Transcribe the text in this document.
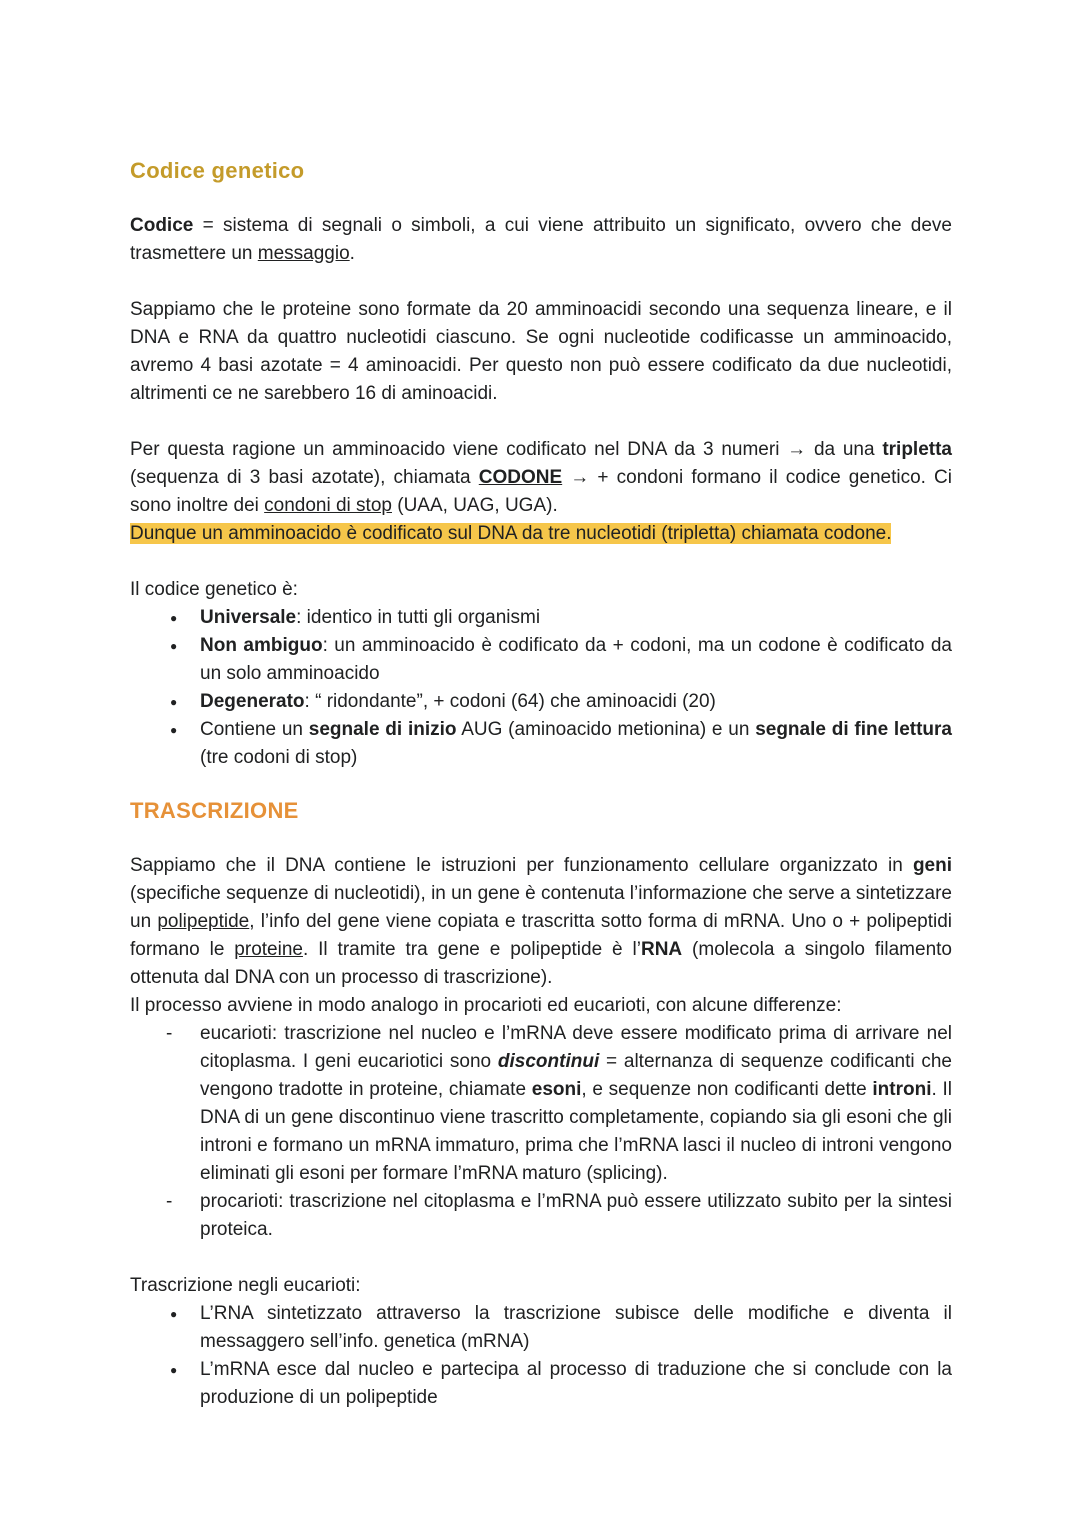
Codice genetico
Codice = sistema di segnali o simboli, a cui viene attribuito un significato, ovvero che deve trasmettere un messaggio.
Sappiamo che le proteine sono formate da 20 amminoacidi secondo una sequenza lineare, e il DNA e RNA da quattro nucleotidi ciascuno. Se ogni nucleotide codificasse un amminoacido, avremo 4 basi azotate = 4 aminoacidi. Per questo non può essere codificato da due nucleotidi, altrimenti ce ne sarebbero 16 di aminoacidi.
Per questa ragione un amminoacido viene codificato nel DNA da 3 numeri → da una tripletta (sequenza di 3 basi azotate), chiamata CODONE → + condoni formano il codice genetico. Ci sono inoltre dei condoni di stop (UAA, UAG, UGA).
Dunque un amminoacido è codificato sul DNA da tre nucleotidi (tripletta) chiamata codone.
Il codice genetico è:
●	Universale: identico in tutti gli organismi
●	Non ambiguo: un amminoacido è codificato da + codoni, ma un codone è codificato da un solo amminoacido
●	Degenerato: “ ridondante”, + codoni (64) che aminoacidi (20)
●	Contiene un segnale di inizio AUG (aminoacido metionina) e un segnale di fine lettura (tre codoni di stop)
TRASCRIZIONE
Sappiamo che il DNA contiene le istruzioni per funzionamento cellulare organizzato in geni (specifiche sequenze di nucleotidi), in un gene è contenuta l’informazione che serve a sintetizzare un polipeptide, l’info del gene viene copiata e trascritta sotto forma di mRNA. Uno o + polipeptidi formano le proteine. Il tramite tra gene e polipeptide è l’RNA (molecola a singolo filamento ottenuta dal DNA con un processo di trascrizione).
Il processo avviene in modo analogo in procarioti ed eucarioti, con alcune differenze:
-	eucarioti: trascrizione nel nucleo e l’mRNA deve essere modificato prima di arrivare nel citoplasma. I geni eucariotici sono discontinui = alternanza di sequenze codificanti che vengono tradotte in proteine, chiamate esoni, e sequenze non codificanti dette introni. Il DNA di un gene discontinuo viene trascritto completamente, copiando sia gli esoni che gli introni e formano un mRNA immaturo, prima che l’mRNA lasci il nucleo di introni vengono eliminati gli esoni per formare l’mRNA maturo (splicing).
-	procarioti: trascrizione nel citoplasma e l’mRNA può essere utilizzato subito per la sintesi proteica.
Trascrizione negli eucarioti:
●	L’RNA sintetizzato attraverso la trascrizione subisce delle modifiche e diventa il messaggero sell’info. genetica (mRNA)
●	L’mRNA esce dal nucleo e partecipa al processo di traduzione che si conclude con la produzione di un polipeptide
